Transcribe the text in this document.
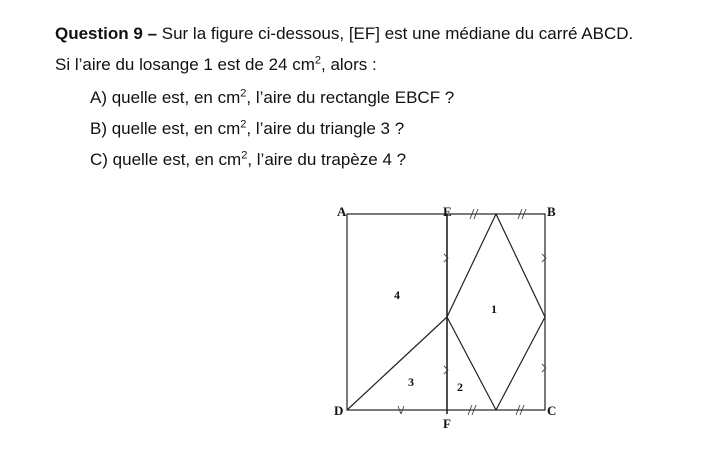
Question 9 – Sur la figure ci-dessous, [EF] est une médiane du carré ABCD.
Si l’aire du losange 1 est de 24 $cm^2$, alors :
A) quelle est, en $cm^2$, l’aire du rectangle EBCF ?
B) quelle est, en $cm^2$, l’aire du triangle 3 ?
C) quelle est, en $cm^2$, l’aire du trapèze 4 ?
A	E	B
D	C
F
1
2
3
4
